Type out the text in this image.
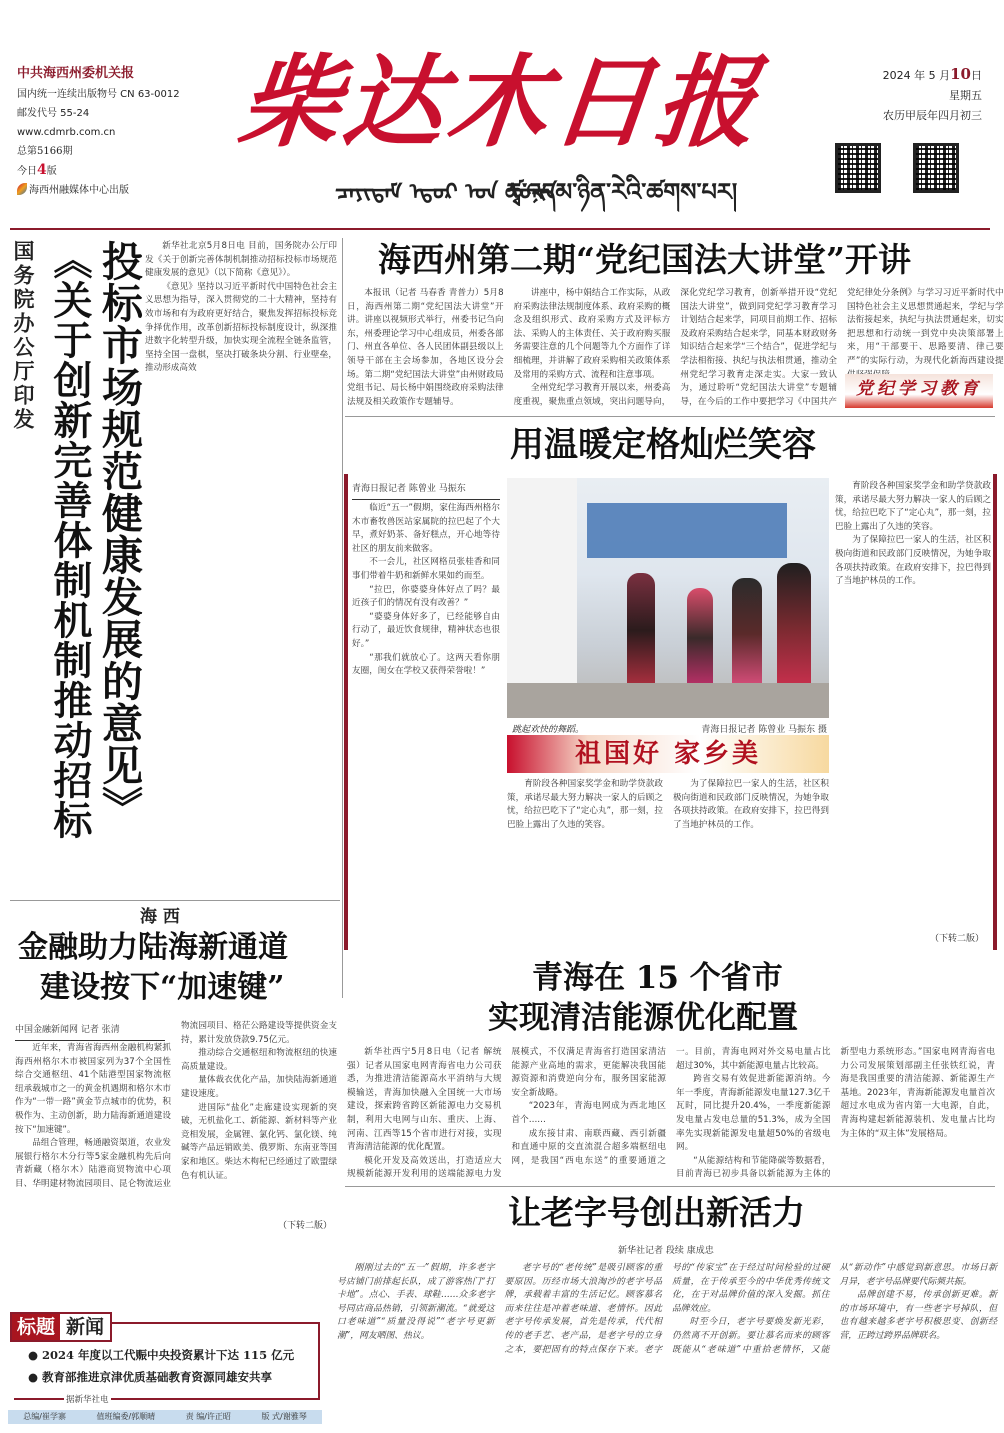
中共海西州委机关报
国内统一连续出版物号 CN 63-0012
邮发代号 55-24
www.cdmrb.com.cn
总第5166期
今日4版
海西州融媒体中心出版
柴达木日报
ᠴᠠᠶᠢᠳᠠᠮ ᠡᠳᠦᠷ ᠤᠨ ᠰᠣᠨᠢᠨ
ཚྭ་འདམ་ཉིན་རེའི་ཚགས་པར།
2024 年 5 月10日
星期五
农历甲辰年四月初三
国务院办公厅印发 《关于创新完善体制机制推动招标 投标市场规范健康发展的意见》	新华社北京5月8日电 目前，国务院办公厅印发《关于创新完善体制机制推动招标投标市场规范健康发展的意见》（以下简称《意见》）。

《意见》坚持以习近平新时代中国特色社会主义思想为指导，深入贯彻党的二十大精神，坚持有效市场和有为政府更好结合，聚焦发挥招标投标竞争择优作用，改革创新招标投标制度设计，纵深推进数字化转型升级，加快实现全流程全链条监管，坚持全国一盘棋，坚决打破条块分割、行业壁垒，推动形成高效

海西州第二期“党纪国法大讲堂”开讲

本报讯（记者 马春香 青普力）5月8日，海西州第二期“党纪国法大讲堂”开讲。讲座以视频形式举行，州委书记刍向东，州委理论学习中心组成员，州委各部门、州直各单位、各人民团体副县级以上领导干部在主会场参加，各地区设分会场。第二期“党纪国法大讲堂”由州财政局党组书记、局长杨中娟围绕政府采购法律法规及相关政策作专题辅导。

讲座中，杨中娟结合工作实际，从政府采购法律法规制度体系、政府采购的概念及组织形式、政府采购方式及评标方法、采购人的主体责任、关于政府购买服务需要注意的几个问题等九个方面作了详细梳理，并讲解了政府采购相关政策体系及常用的采购方式、流程和注意事项。

全州党纪学习教育开展以来，州委高度重视，聚焦重点领域，突出问题导向，深化党纪学习教育，创新举措开设“党纪国法大讲堂”，做到同党纪学习教育学习计划结合起来学，同项目前期工作、招标及政府采购结合起来学，同基本财政财务知识结合起来学“三个结合”，促进学纪与学法相衔接、执纪与执法相贯通，推动全州党纪学习教育走深走实。大家一致认为，通过聆听“党纪国法大讲堂”专题辅导，在今后的工作中要把学习《中国共产党纪律处分条例》与学习习近平新时代中国特色社会主义思想贯通起来，学纪与学法衔接起来，执纪与执法贯通起来，切实把思想和行动统一到党中央决策部署上来，用“干部要干、思路要清、律己要严”的实际行动，为现代化新海西建设提

党纪学习教育
用温暖定格灿烂笑容
青海日报记者 陈曾业 马振东

临近“五一”假期，家住海西州格尔木市畜牧兽医站家属院的拉巴起了个大早，煮好奶茶、备好糕点，开心地等待社区的朋友前来做客。

不一会儿，社区网格员张桂香和同事们带着牛奶和新鲜水果如约而至。

“拉巴，你婆婆身体好点了吗？最近孩子们的情况有没有改善？”

“婆婆身体好多了，已经能够自由行动了，最近饮食规律，精神状态也很好。”

“那我们就放心了。这两天看你朋友圈，闺女在学校又获得荣誉啦！”

跳起欢快的舞蹈。	青海日报记者 陈曾业 马振东 摄
祖国好 家乡美

育阶段各种国家奖学金和助学贷款政策，承诺尽最大努力解决一家人的后顾之忧，给拉巴吃下了“定心丸”，那一刻，拉巴脸上露出了久违的笑容。

为了保障拉巴一家人的生活，社区积极向街道和民政部门反映情况，为她争取各项扶持政策。在政府安排下，拉巴得到了当地护林员的工作。

育阶段各种国家奖学金和助学贷款政策，承诺尽最大努力解决一家人的后顾之忧，给拉巴吃下了“定心丸”，那一刻，拉巴脸上露出了久违的笑容。

为了保障拉巴一家人的生活，社区积极向街道和民政部门反映情况，为她争取各项扶持政策。在政府安排下，拉巴得到了当地护林员的工作。

（下转二版）
海 西
金融助力陆海新通道
建设按下“加速键”
中国金融新闻网 记者 张清

近年来，青海省海西州金融机构紧抓海西州格尔木市被国家列为37个全国性综合交通枢纽、41个陆港型国家物流枢纽承载城市之一的黄金机遇期和格尔木市作为“一带一路”黄金节点城市的优势，积极作为、主动创新，助力陆海新通道建设按下“加速键”。

品组合管理，畅通融资渠道，农业发展银行格尔木分行等5家金融机构先后向青新藏（格尔木）陆港商贸物流中心项目、华明建材物流园项目、昆仑物流运业物流园项目、格茫公路建设等提供资金支持，累计发放贷款9.75亿元。

推动综合交通枢纽和物流枢纽的快速高质量建设。

量体裁衣优化产品，加快陆海新通道建设速度。

进国际“盐化”走廊建设实现新的突破，无机盐化工、新能源、新材料等产业竞相发展，金属锂、氯化钙、氯化镁、纯碱等产品远销欧美、俄罗斯、东南亚等国家和地区。柴达木枸杞已经通过了欧盟绿色有机认证。

（下转二版）
青海在 15 个省市
实现清洁能源优化配置

新华社西宁5月8日电（记者 解统强）记者从国家电网青海省电力公司获悉，为推进清洁能源高水平消纳与大规模输送，青海加快融入全国统一大市场建设，探索跨省跨区新能源电力交易机制，利用大电网与山东、重庆、上海、河南、江西等15个省市进行对接，实现青海清洁能源的优化配置。

模化开发及高效送出，打造适应大规模新能源开发利用的送端能源电力发展模式，不仅满足青海省打造国家清洁能源产业高地的需求，更能解决我国能源资源和消费逆向分布，服务国家能源安全新战略。

“2023年，青海电网成为西北地区首个……

成东接甘肃、南联西藏、西引新疆和直通中原的交直流混合超多端枢纽电网，是我国“西电东送”的重要通道之一。目前，青海电网对外交易电量占比超过30%，其中新能源电量占比较高。

跨省交易有效促进新能源消纳。今年一季度，青海新能源发电量127.3亿千瓦时，同比提升20.4%，一季度新能源发电量占发电总量的51.3%，成为全国率先实现新能源发电量超50%的省级电网。

“从能源结构和节能降碳等数据看，目前青海已初步具备以新能源为主体的新型电力系统形态。”国家电网青海省电力公司发展策划部副主任张铁红说，青海是我国重要的清洁能源、新能源生产基地。2023年，青海新能源发电量首次超过水电成为省内第一大电源，自此，青海构建起新能源装机、发电量占比均为主体的“双主体”发展格局。

让老字号创出新活力
新华社记者 段续 康成忠

刚刚过去的“五一”假期，许多老字号店铺门前排起长队，成了游客热门“打卡地”。点心、手表、球鞋……众多老字号同店商品热销，引领新潮流。“就爱这口老味道”“质量没得说”“老字号更新潮”，网友晒图、热议。

老字号的“老传统”是吸引顾客的重要原因。历经市场大浪淘沙的老字号品牌，承载着丰富的生活记忆。顾客慕名而来往往是冲着老味道、老情怀。因此老字号传承发展，首先是传承，代代相传的老手艺、老产品，是老字号的立身之本，要把固有的特点保存下来。老字号的“传家宝”在于经过时间检验的过硬质量，在于传承至今的中华优秀传统文化，在于对品牌价值的深入发掘。抓住品牌效应。

时至今日，老字号要焕发新光彩，仍然离不开创新。要让慕名而来的顾客既能从“老味道”中重拾老情怀，又能从“新动作”中感觉到新意思。市场日新月异，老字号品牌要代际频共振。

品牌创建不易，传承创新更难。新的市场环境中，有一些老字号掉队，但也有越来越多老字号积极思变、创新经营，正跨过跨界品牌联名。

标题 新闻
● 2024 年度以工代赈中央投资累计下达 115 亿元
● 教育部推进京津优质基础教育资源同雄安共享
据新华社电
总编/崔学寨	值班编委/郭顺晴	责 编/许正昭	版 式/谢雅琴
